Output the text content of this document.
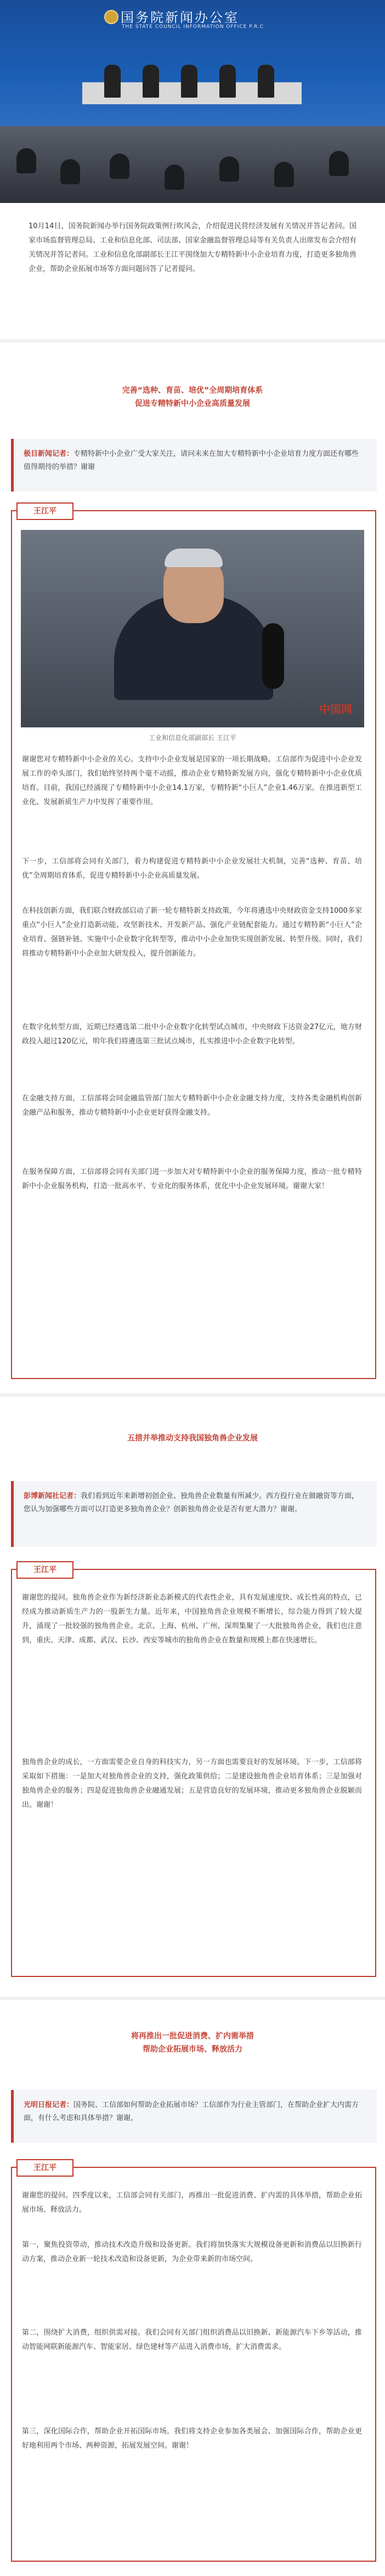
国务院新闻办公室
THE STATE COUNCIL INFORMATION OFFICE P.R.C
10月14日，国务院新闻办举行国务院政策例行吹风会，介绍促进民营经济发展有关情况并答记者问。国家市场监督管理总局、工业和信息化部、司法部、国家金融监督管理总局等有关负责人出席发布会介绍有关情况并答记者问。工业和信息化部副部长王江平围绕加大专精特新中小企业培育力度，打造更多独角兽企业，帮助企业拓展市场等方面问题回答了记者提问。
完善“选种、育苗、培优”全周期培育体系
促进专精特新中小企业高质量发展
极目新闻记者：专精特新中小企业广受大家关注，请问未来在加大专精特新中小企业培育力度方面还有哪些值得期待的举措？谢谢
王江平
中国网
工业和信息化部副部长 王江平
谢谢您对专精特新中小企业的关心。支持中小企业发展是国家的一项长期战略。工信部作为促进中小企业发展工作的牵头部门，我们始终坚持两个毫不动摇，推动企业专精特新发展方向，强化专精特新中小企业优质培育。目前，我国已经涌现了专精特新中小企业14.1万家，专精特新“小巨人”企业1.46万家。在推进新型工业化、发展新质生产力中发挥了重要作用。
下一步，工信部将会同有关部门，着力构建促进专精特新中小企业发展壮大机制，完善“选种、育苗、培优”全周期培育体系，促进专精特新中小企业高质量发展。
在科技创新方面，我们联合财政部启动了新一轮专精特新支持政策，今年将遴选中央财政资金支持1000多家重点“小巨人”企业打造新动能、攻坚新技术、开发新产品、强化产业链配套能力。通过专精特新“小巨人”企业培育、强链补链、实施中小企业数字化转型等，推动中小企业加快实现创新发展、转型升级。同时，我们将推动专精特新中小企业加大研发投入，提升创新能力。
在数字化转型方面，近期已经遴选第二批中小企业数字化转型试点城市，中央财政下达资金27亿元，地方财政投入超过120亿元，明年我们将遴选第三批试点城市，扎实推进中小企业数字化转型。
在金融支持方面，工信部将会同金融监管部门加大专精特新中小企业金融支持力度，支持各类金融机构创新金融产品和服务，推动专精特新中小企业更好获得金融支持。
在服务保障方面，工信部将会同有关部门进一步加大对专精特新中小企业的服务保障力度，推动一批专精特新中小企业服务机构，打造一批高水平、专业化的服务体系，优化中小企业发展环境。谢谢大家！
五措并举推动支持我国独角兽企业发展
彭博新闻社记者：我们看到近年来新增初创企业、独角兽企业数量有所减少。西方投行业在做融资等方面，您认为加强哪些方面可以打造更多独角兽企业？创新独角兽企业是否有更大潜力？谢谢。
王江平
谢谢您的提问。独角兽企业作为新经济新业态新模式的代表性企业，具有发展速度快、成长性高的特点，已经成为推动新质生产力的一股新生力量。近年来，中国独角兽企业规模不断增长，综合能力得到了较大提升，涌现了一批较强的独角兽企业。北京、上海、杭州、广州、深圳集聚了一大批独角兽企业，我们也注意到，重庆、天津、成都、武汉、长沙、西安等城市的独角兽企业在数量和规模上都在快速增长。
独角兽企业的成长，一方面需要企业自身的科技实力，另一方面也需要良好的发展环境。下一步，工信部将采取如下措施：一是加大对独角兽企业的支持，强化政策供给；二是建设独角兽企业培育体系；三是加强对独角兽企业的服务；四是促进独角兽企业融通发展；五是营造良好的发展环境，推动更多独角兽企业脱颖而出。谢谢！
将再推出一批促进消费、扩内需举措
帮助企业拓展市场、释放活力
光明日报记者：国务院、工信部如何帮助企业拓展市场？工信部作为行业主管部门，在帮助企业扩大内需方面，有什么考虑和具体举措？谢谢。
王江平
谢谢您的提问。四季度以来，工信部会同有关部门，再推出一批促进消费、扩内需的具体举措，帮助企业拓展市场、释放活力。
第一，聚焦投资带动，推动技术改造升级和设备更新。我们将加快落实大规模设备更新和消费品以旧换新行动方案，推动企业新一轮技术改造和设备更新，为企业带来新的市场空间。
第二，围绕扩大消费，组织供需对接。我们会同有关部门组织消费品以旧换新、新能源汽车下乡等活动，推动智能网联新能源汽车、智能家居、绿色建材等产品进入消费市场，扩大消费需求。
第三，深化国际合作，帮助企业开拓国际市场。我们将支持企业参加各类展会、加强国际合作，帮助企业更好地利用两个市场、两种资源，拓展发展空间。谢谢！
